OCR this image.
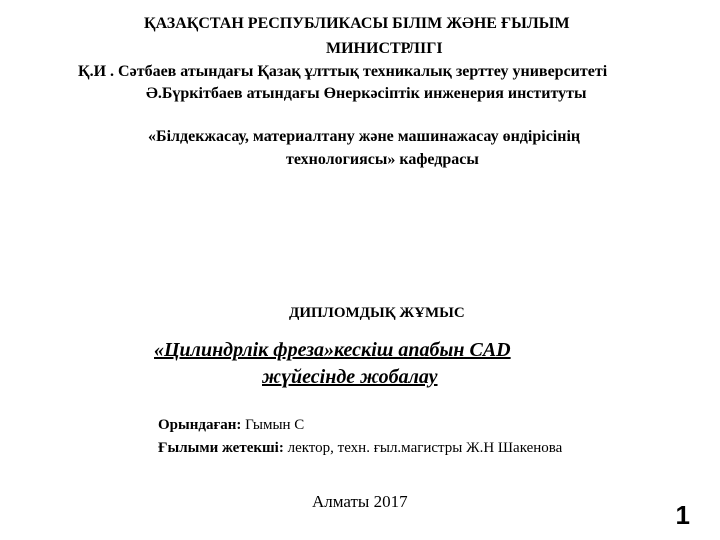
ҚАЗАҚСТАН РЕСПУБЛИКАСЫ БІЛІМ ЖӘНЕ ҒЫЛЫМ
МИНИСТРЛІГІ
Қ.И . Сәтбаев атындағы Қазақ ұлттық техникалық зерттеу университеті
Ә.Бүркітбаев атындағы Өнеркәсіптік инженерия институты
«Білдекжасау, материалтану және машинажасау өндірісінің
технологиясы» кафедрасы
ДИПЛОМДЫҚ ЖҰМЫС
«Цилиндрлік фреза»кескіш апабын CAD
жүйесінде жобалау
Орындаған: Гымын С
Ғылыми жетекші: лектор, техн. ғыл.магистры Ж.Н Шакенова
Алматы 2017	1
